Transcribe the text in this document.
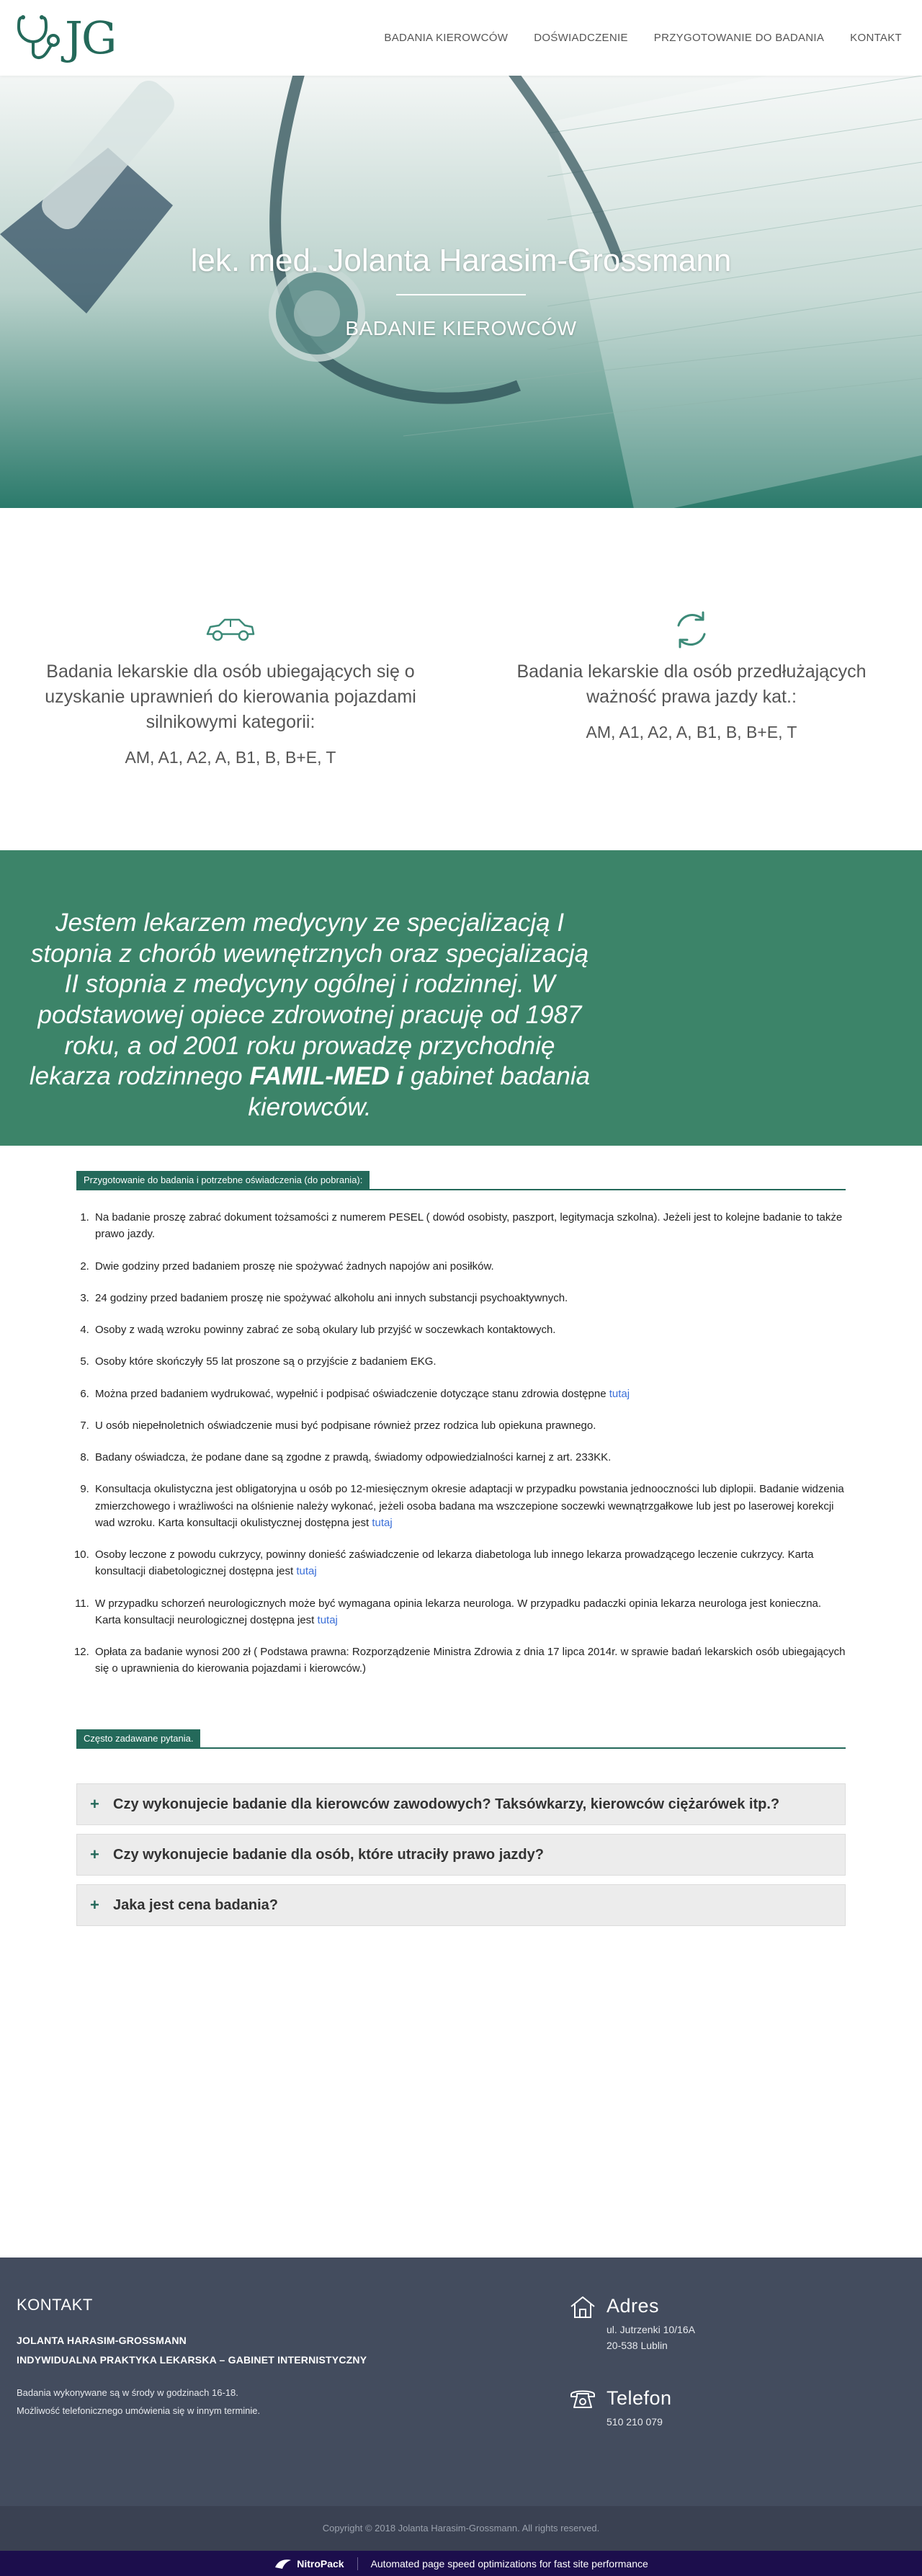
JG	BADANIA KIEROWCÓW DOŚWIADCZENIE PRZYGOTOWANIE DO BADANIA KONTAKT
lek. med. Jolanta Harasim-Grossmann
BADANIE KIEROWCÓW
Badania lekarskie dla osób ubiegających się o uzyskanie uprawnień do kierowania pojazdami silnikowymi kategorii:
AM, A1, A2, A, B1, B, B+E, T
Badania lekarskie dla osób przedłużających ważność prawa jazdy kat.:
AM, A1, A2, A, B1, B, B+E, T

Jestem lekarzem medycyny ze specjalizacją I stopnia z chorób wewnętrznych oraz specjalizacją II stopnia z medycyny ogólnej i rodzinnej. W podstawowej opiece zdrowotnej pracuję od 1987 roku, a od 2001 roku prowadzę przychodnię lekarza rodzinnego FAMIL-MED i gabinet badania kierowców.

Przygotowanie do badania i potrzebne oświadczenia (do pobrania):
1. Na badanie proszę zabrać dokument tożsamości z numerem PESEL ( dowód osobisty, paszport, legitymacja szkolna). Jeżeli jest to kolejne badanie to także prawo jazdy.
2. Dwie godziny przed badaniem proszę nie spożywać żadnych napojów ani posiłków.
3. 24 godziny przed badaniem proszę nie spożywać alkoholu ani innych substancji psychoaktywnych.
4. Osoby z wadą wzroku powinny zabrać ze sobą okulary lub przyjść w soczewkach kontaktowych.
5. Osoby które skończyły 55 lat proszone są o przyjście z badaniem EKG.
6. Można przed badaniem wydrukować, wypełnić i podpisać oświadczenie dotyczące stanu zdrowia dostępne tutaj
7. U osób niepełnoletnich oświadczenie musi być podpisane również przez rodzica lub opiekuna prawnego.
8. Badany oświadcza, że podane dane są zgodne z prawdą, świadomy odpowiedzialności karnej z art. 233KK.
9. Konsultacja okulistyczna jest obligatoryjna u osób po 12-miesięcznym okresie adaptacji w przypadku powstania jednooczności lub diplopii. Badanie widzenia zmierzchowego i wrażliwości na olśnienie należy wykonać, jeżeli osoba badana ma wszczepione soczewki wewnątrzgałkowe lub jest po laserowej korekcji wad wzroku. Karta konsultacji okulistycznej dostępna jest tutaj
10. Osoby leczone z powodu cukrzycy, powinny donieść zaświadczenie od lekarza diabetologa lub innego lekarza prowadzącego leczenie cukrzycy. Karta konsultacji diabetologicznej dostępna jest tutaj
11. W przypadku schorzeń neurologicznych może być wymagana opinia lekarza neurologa. W przypadku padaczki opinia lekarza neurologa jest konieczna. Karta konsultacji neurologicznej dostępna jest tutaj
12. Opłata za badanie wynosi 200 zł ( Podstawa prawna: Rozporządzenie Ministra Zdrowia z dnia 17 lipca 2014r. w sprawie badań lekarskich osób ubiegających się o uprawnienia do kierowania pojazdami i kierowców.)
Często zadawane pytania.
+ Czy wykonujecie badanie dla kierowców zawodowych? Taksówkarzy, kierowców ciężarówek itp.?
+ Czy wykonujecie badanie dla osób, które utraciły prawo jazdy?
+ Jaka jest cena badania?
KONTAKT
JOLANTA HARASIM-GROSSMANN
INDYWIDUALNA PRAKTYKA LEKARSKA – GABINET INTERNISTYCZNY
Badania wykonywane są w środy w godzinach 16-18.
Możliwość telefonicznego umówienia się w innym terminie.
Adres
ul. Jutrzenki 10/16A
20-538 Lublin
Telefon
510 210 079
Copyright © 2018 Jolanta Harasim-Grossmann. All rights reserved.
NitroPack	Automated page speed optimizations for fast site performance
